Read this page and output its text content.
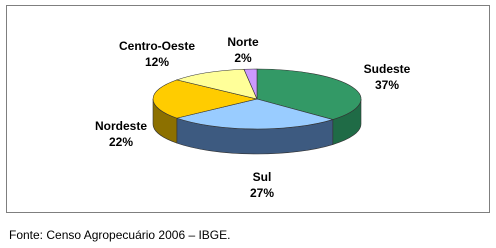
Sudeste
37%
Sul
27%
Nordeste
22%
Centro-Oeste
12%
Norte
2%
Fonte: Censo Agropecuário 2006 – IBGE.
